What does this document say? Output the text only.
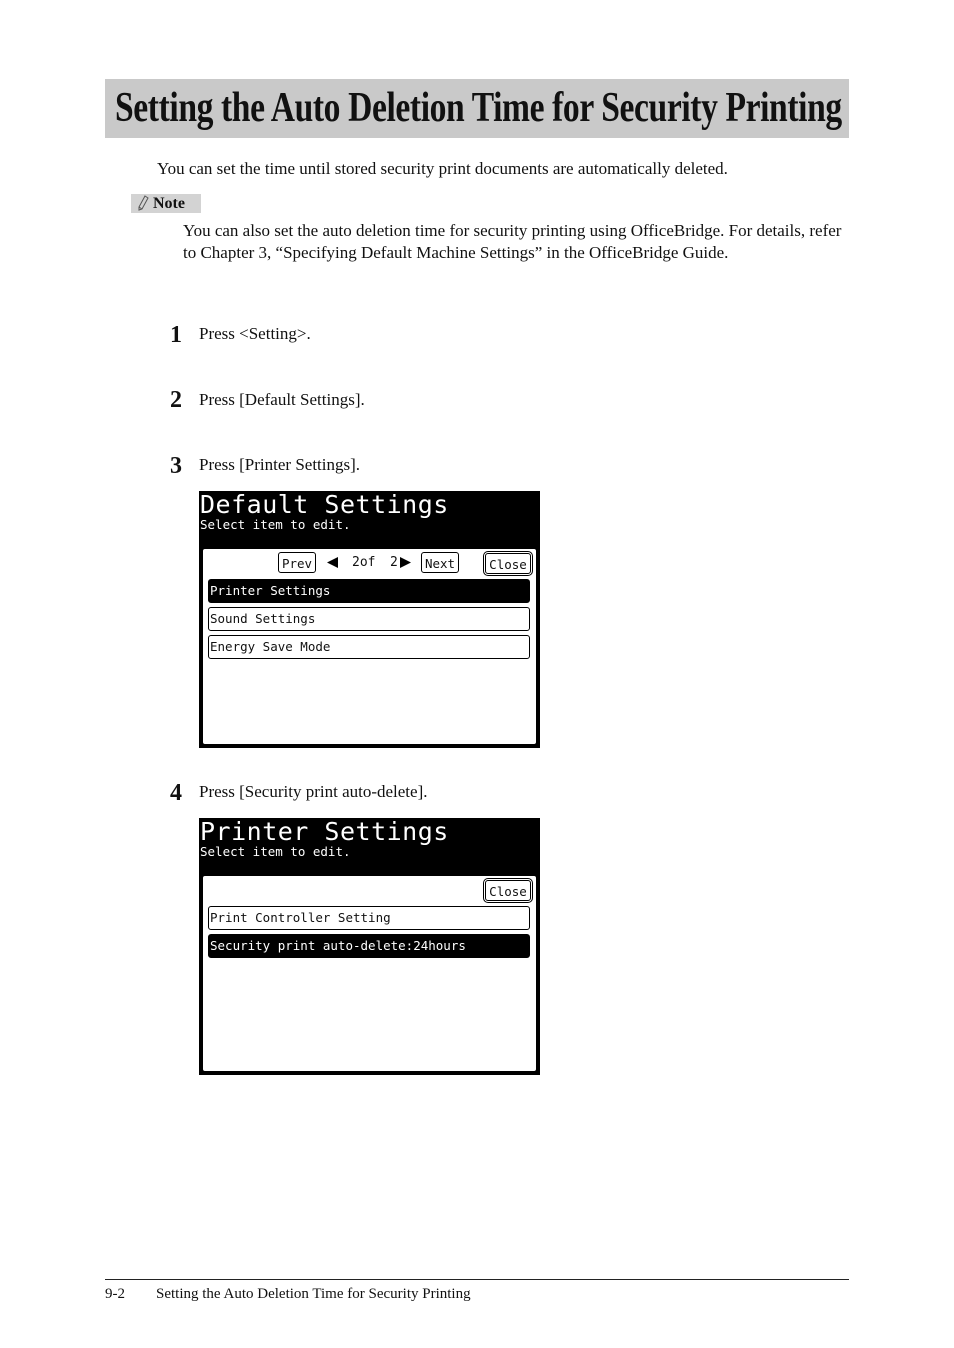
Setting the Auto Deletion Time for Security Printing
You can set the time until stored security print documents are automatically deleted.
Note
You can also set the auto deletion time for security printing using OfficeBridge. For details, refer to Chapter 3, “Specifying Default Machine Settings” in the OfficeBridge Guide.
1 Press <Setting>.
2 Press [Default Settings].
3 Press [Printer Settings].
Default Settings
Select item to edit.
Prev	2of 2	Next	Close
Printer Settings
Sound Settings
Energy Save Mode
4 Press [Security print auto-delete].
Printer Settings
Select item to edit.
Close
Print Controller Setting
Security print auto-delete:24hours
9-2 Setting the Auto Deletion Time for Security Printing
